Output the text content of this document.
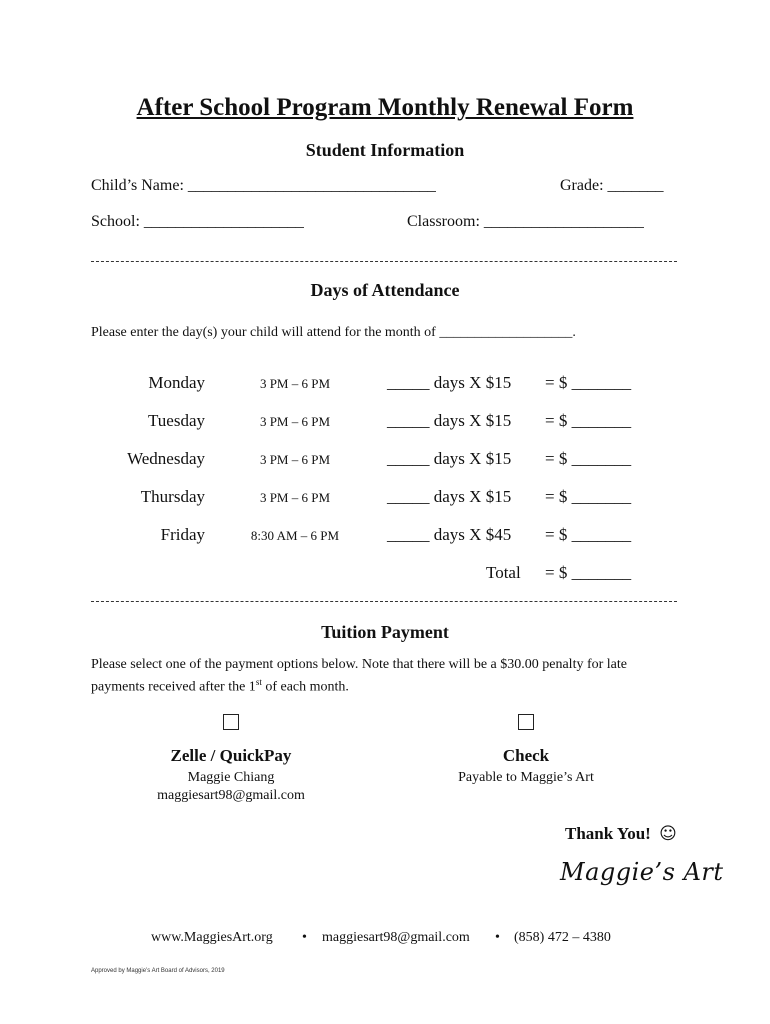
After School Program Monthly Renewal Form
Student Information
Child’s Name: _______________________________	Grade: _______
School: ____________________	Classroom: ____________________
Days of Attendance
Please enter the day(s) your child will attend for the month of ___________________.
Monday	3 PM – 6 PM	_____ days X $15 = $ _______
Tuesday	3 PM – 6 PM	_____ days X $15 = $ _______
Wednesday	3 PM – 6 PM	_____ days X $15 = $ _______
Thursday	3 PM – 6 PM	_____ days X $15 = $ _______
Friday	8:30 AM – 6 PM	_____ days X $45 = $ _______
Total = $ _______
Tuition Payment
Please select one of the payment options below. Note that there will be a $30.00 penalty for late
payments received after the 1st of each month.
Zelle / QuickPay
Maggie Chiang
maggiesart98@gmail.com
Check
Payable to Maggie’s Art
Thank You! ☺
Maggie’s Art
www.MaggiesArt.org • maggiesart98@gmail.com • (858) 472 – 4380
Approved by Maggie’s Art Board of Advisors, 2019
